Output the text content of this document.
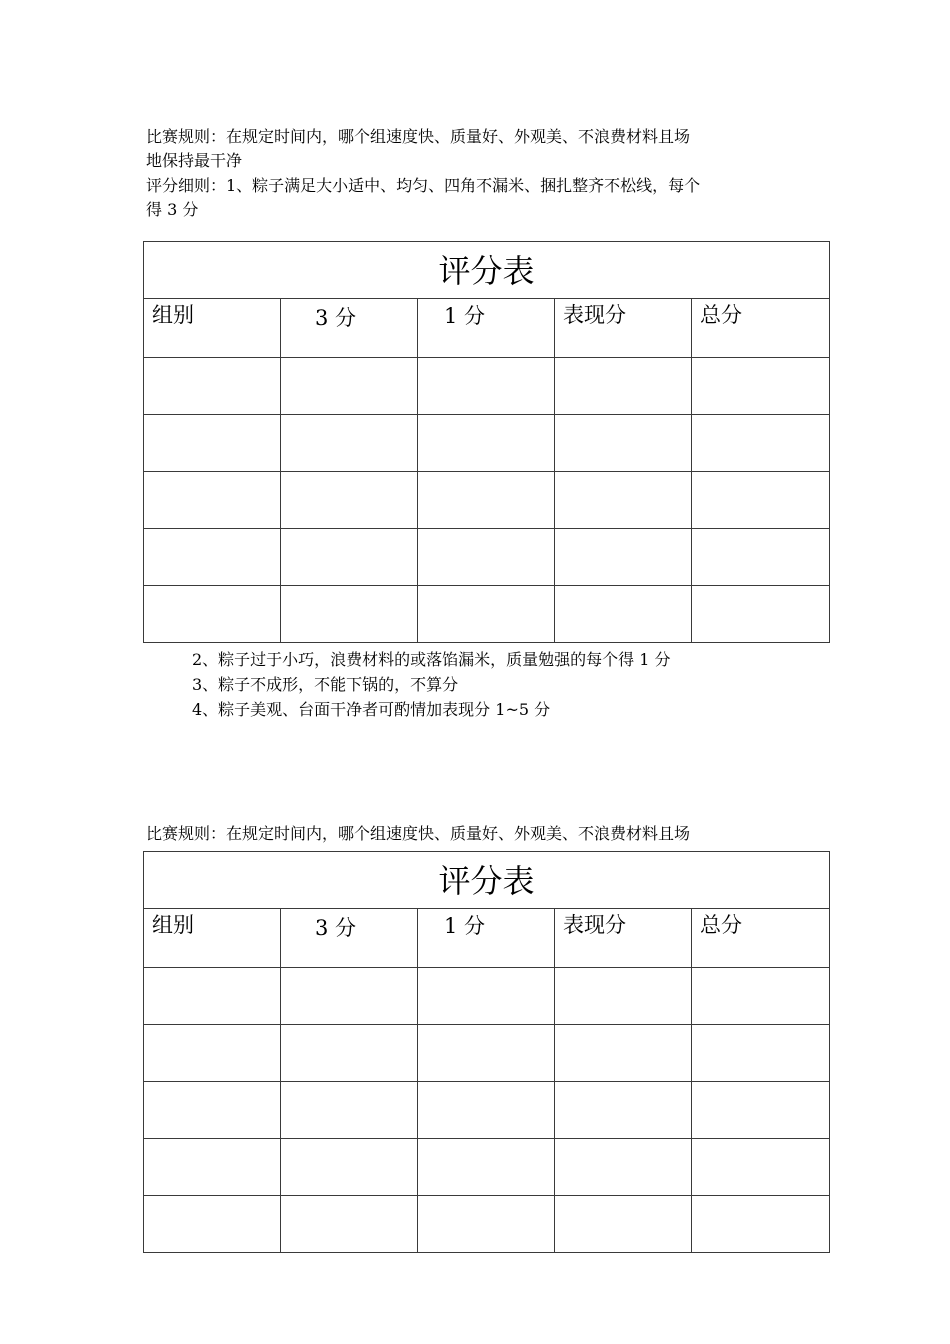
比赛规则：在规定时间内，哪个组速度快、质量好、外观美、不浪费材料且场
地保持最干净
评分细则：1、粽子满足大小适中、均匀、四角不漏米、捆扎整齐不松线，每个
得 3 分
评分表				

组别	3 分	1 分	表现分	总分

2、粽子过于小巧，浪费材料的或落馅漏米，质量勉强的每个得 1 分
3、粽子不成形，不能下锅的，不算分
4、粽子美观、台面干净者可酌情加表现分 1~5 分
比赛规则：在规定时间内，哪个组速度快、质量好、外观美、不浪费材料且场
评分表				

组别	3 分	1 分	表现分	总分
